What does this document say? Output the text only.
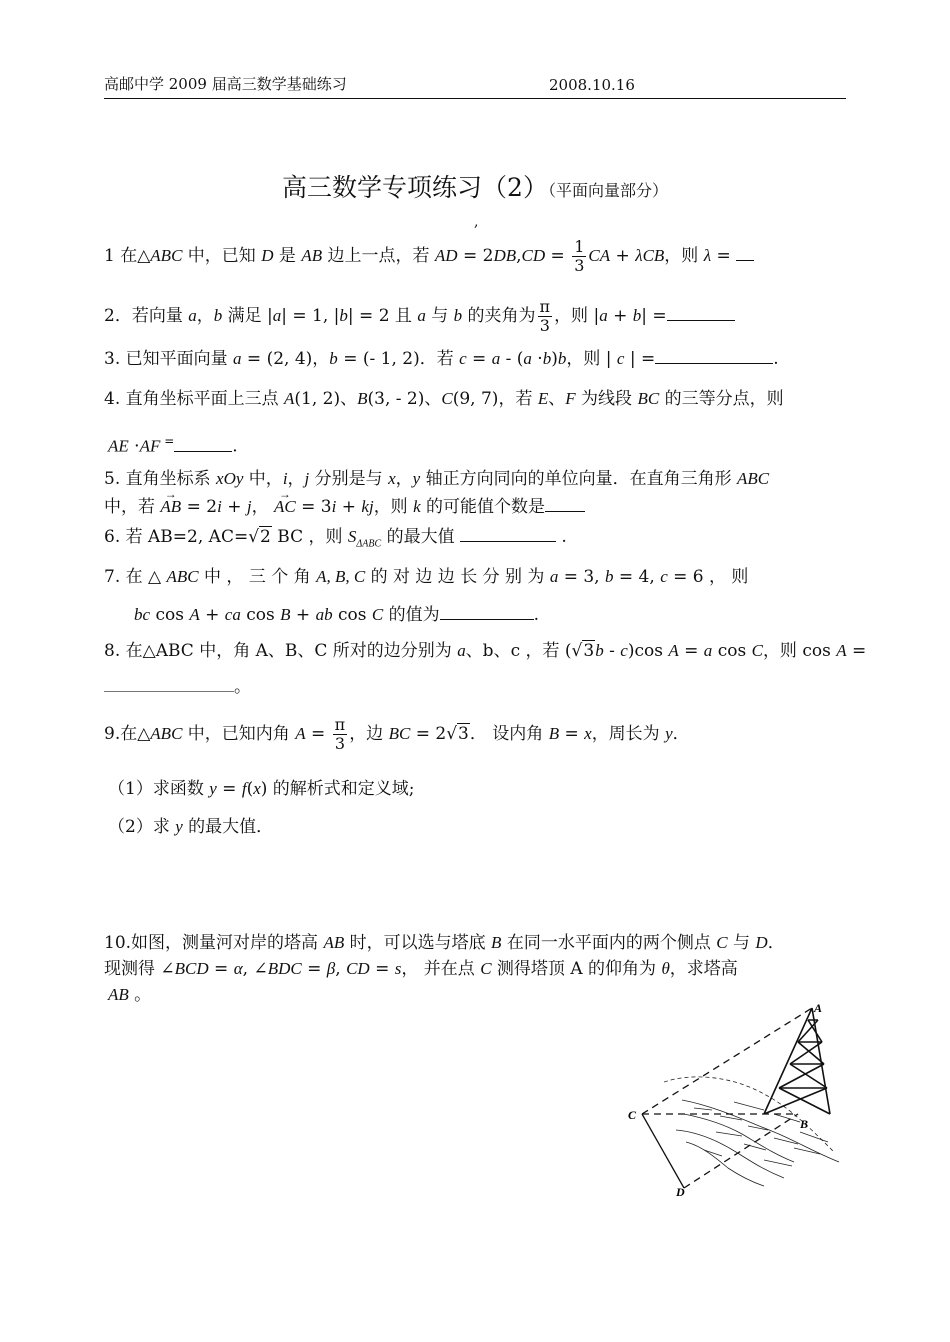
高邮中学 2009 届高三数学基础练习	2008.10.16
高三数学专项练习（2）（平面向量部分）
,
1 在△ABC 中，已知 D 是 AB 边上一点，若 AD = $2DB,CD = \frac{1}{3}$ CA + λCB，则 λ =
2．若向量 a，b 满足 |a| = 1, |b| = 2 且 a 与 b 的夹角为 $\frac{\pi}{3}$ ，则 |a + b| =
3. 已知平面向量 a = (2, 4)，b = (- 1, 2)．若 c = a - (a ·b)b，则 | c | =	.
4. 直角坐标平面上三点 A(1, 2)、B(3, - 2)、C(9, 7)，若 E、F 为线段 BC 的三等分点，则
AE ·AF =	.
5. 直角坐标系 xOy 中，i，j 分别是与 x，y 轴正方向同向的单位向量．在直角三角形 ABC
中，若 → AB = 2i + j， → AC = 3i + kj，则 k 的可能值个数是
6. 若 AB=2, AC=√2 BC ，则 $S_{\Delta ABC}$ 的最大值	.
7. 在 △ ABC 中 ， 三 个 角 A, B, C 的 对 边 边 长 分 别 为 a = 3, b = 4, c = 6 ， 则
bc cos A + ca cos B + ab cos C 的值为	.
8. 在△ABC 中，角 A、B、C 所对的边分别为 a、b、c ，若 (√3b - c)cos A = a cos C，则 cos A =
。
9.在△ABC 中，已知内角 $A = \frac{\pi}{3}$ ，边 BC = 2√3． 设内角 B = x，周长为 y．
（1）求函数 y = f(x) 的解析式和定义域;
（2）求 y 的最大值．
10.如图，测量河对岸的塔高 AB 时，可以选与塔底 B 在同一水平面内的两个侧点 C 与 D．
现测得 ∠BCD = α, ∠BDC = β, CD = s， 并在点 C 测得塔顶 A 的仰角为 θ，求塔高
AB 。
A
B
C
D
